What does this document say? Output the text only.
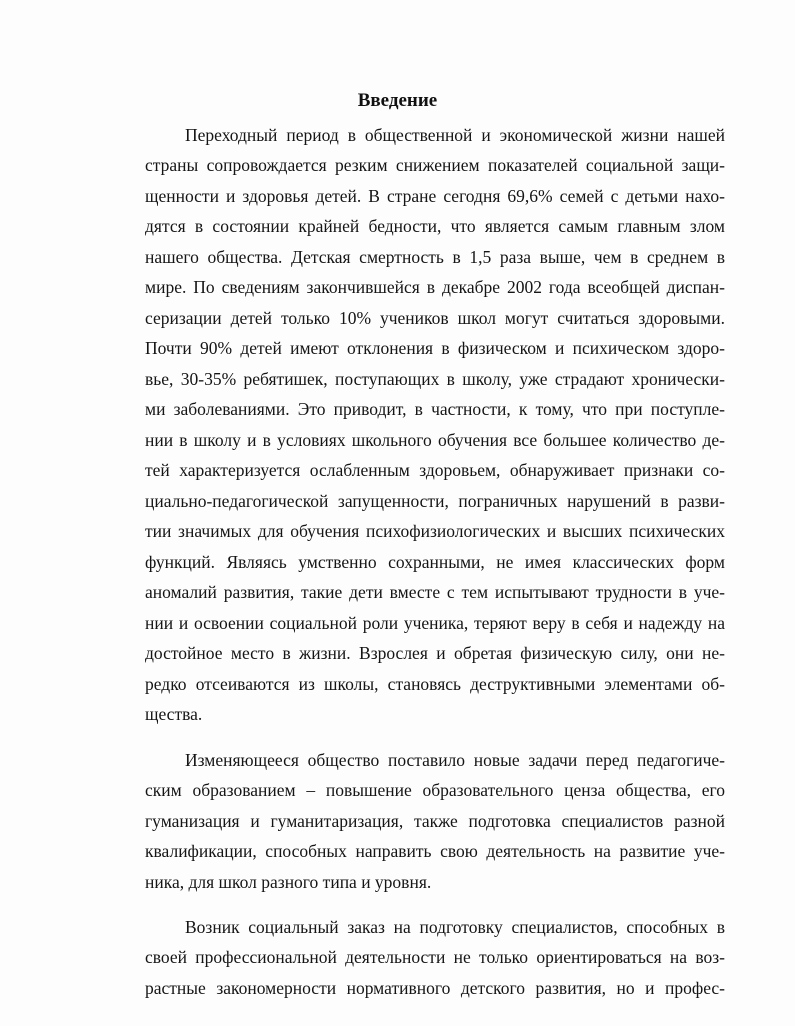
Введение
Переходный период в общественной и экономической жизни нашей
страны сопровождается резким снижением показателей социальной защи-
щенности и здоровья детей. В стране сегодня 69,6% семей с детьми нахо-
дятся в состоянии крайней бедности, что является самым главным злом
нашего общества. Детская смертность в 1,5 раза выше, чем в среднем в
мире. По сведениям закончившейся в декабре 2002 года всеобщей диспан-
серизации детей только 10% учеников школ могут считаться здоровыми.
Почти 90% детей имеют отклонения в физическом и психическом здоро-
вье, 30-35% ребятишек, поступающих в школу, уже страдают хронически-
ми заболеваниями. Это приводит, в частности, к тому, что при поступле-
нии в школу и в условиях школьного обучения все большее количество де-
тей характеризуется ослабленным здоровьем, обнаруживает признаки со-
циально-педагогической запущенности, пограничных нарушений в разви-
тии значимых для обучения психофизиологических и высших психических
функций. Являясь умственно сохранными, не имея классических форм
аномалий развития, такие дети вместе с тем испытывают трудности в уче-
нии и освоении социальной роли ученика, теряют веру в себя и надежду на
достойное место в жизни. Взрослея и обретая физическую силу, они не-
редко отсеиваются из школы, становясь деструктивными элементами об-
щества.
Изменяющееся общество поставило новые задачи перед педагогиче-
ским образованием – повышение образовательного ценза общества, его
гуманизация и гуманитаризация, также подготовка специалистов разной
квалификации, способных направить свою деятельность на развитие уче-
ника, для школ разного типа и уровня.
Возник социальный заказ на подготовку специалистов, способных в
своей профессиональной деятельности не только ориентироваться на воз-
растные закономерности нормативного детского развития, но и профес-
